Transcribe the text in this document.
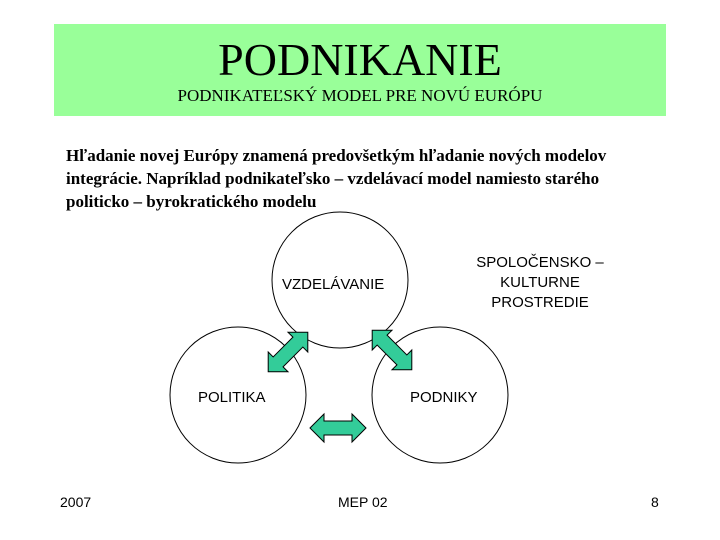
PODNIKANIE
PODNIKATEĽSKÝ MODEL PRE NOVÚ EURÓPU
Hľadanie novej Európy znamená predovšetkým hľadanie nových modelov
integrácie. Napríklad podnikateľsko – vzdelávací model namiesto starého
politicko – byrokratického modelu
VZDELÁVANIE
POLITIKA	PODNIKY
SPOLOČENSKO –
KULTURNE
PROSTREDIE
2007	MEP 02	8
